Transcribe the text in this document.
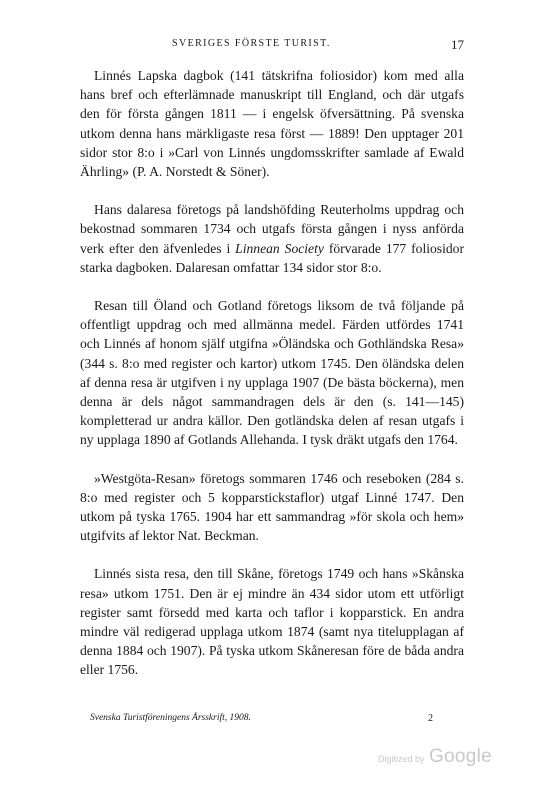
SVERIGES FÖRSTE TURIST.	17

Linnés Lapska dagbok (141 tätskrifna foliosidor) kom med alla hans bref och efterlämnade manuskript till England, och där utgafs den för första gången 1811 — i engelsk öfversättning. På svenska utkom denna hans märkligaste resa först — 1889! Den upptager 201 sidor stor 8:o i »Carl von Linnés ungdomsskrifter samlade af Ewald Ährling» (P. A. Norstedt & Söner).

Hans dalaresa företogs på landshöfding Reuterholms uppdrag och bekostnad sommaren 1734 och utgafs första gången i nyss anförda verk efter den äfvenledes i Linnean Society förvarade 177 foliosidor starka dagboken. Dalaresan omfattar 134 sidor stor 8:o.

Resan till Öland och Gotland företogs liksom de två följande på offentligt uppdrag och med allmänna medel. Färden utfördes 1741 och Linnés af honom själf utgifna »Öländska och Gothländska Resa» (344 s. 8:o med register och kartor) utkom 1745. Den öländska delen af denna resa är utgifven i ny upplaga 1907 (De bästa böckerna), men denna är dels något sammandragen dels är den (s. 141—145) kompletterad ur andra källor. Den gotländska delen af resan utgafs i ny upplaga 1890 af Gotlands Allehanda. I tysk dräkt utgafs den 1764.

»Westgöta-Resan» företogs sommaren 1746 och reseboken (284 s. 8:o med register och 5 kopparstickstaflor) utgaf Linné 1747. Den utkom på tyska 1765. 1904 har ett sammandrag »för skola och hem» utgifvits af lektor Nat. Beckman.

Linnés sista resa, den till Skåne, företogs 1749 och hans »Skånska resa» utkom 1751. Den är ej mindre än 434 sidor utom ett utförligt register samt försedd med karta och taflor i kopparstick. En andra mindre väl redigerad upplaga utkom 1874 (samt nya titelupplagan af denna 1884 och 1907). På tyska utkom Skåneresan före de båda andra eller 1756.

Svenska Turistföreningens Årsskrift, 1908.	2
Digitized by Google
